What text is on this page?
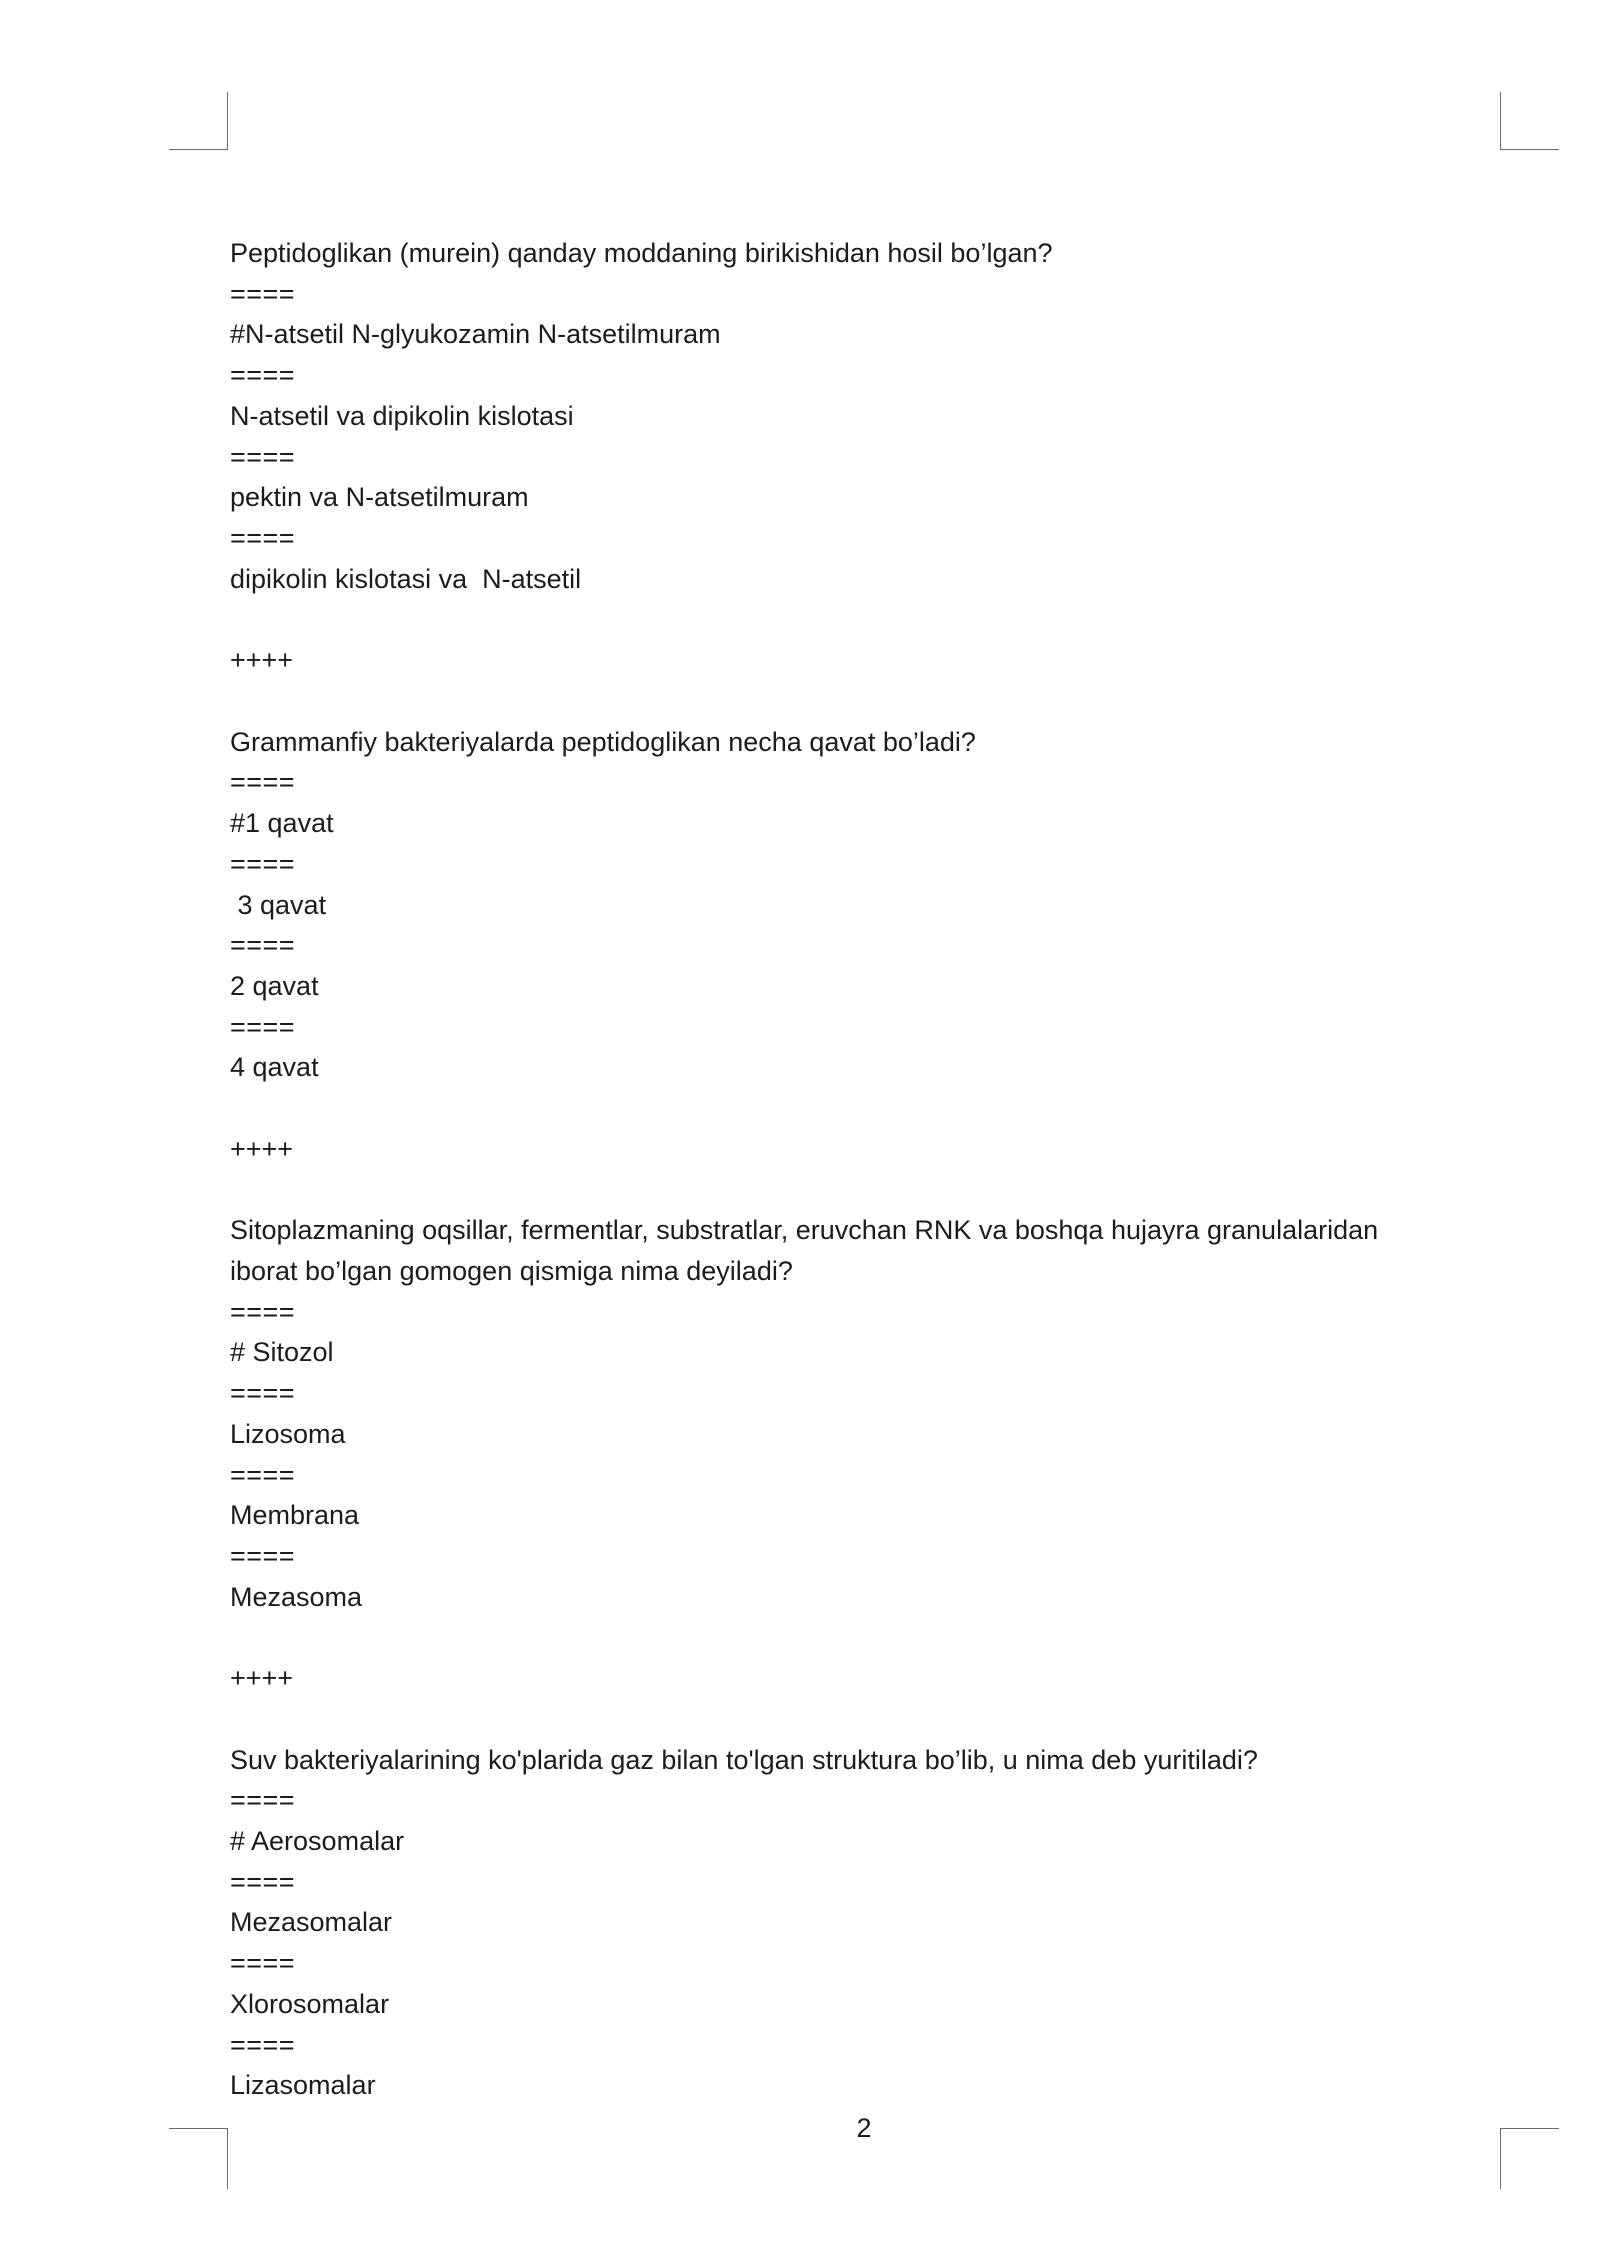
Peptidoglikan (murein) qanday moddaning birikishidan hosil bo’lgan?
====
#N-atsetil N-glyukozamin N-atsetilmuram
====
N-atsetil va dipikolin kislotasi
====
pektin va N-atsetilmuram
====
dipikolin kislotasi va  N-atsetil
++++
Grammanfiy bakteriyalarda peptidoglikan necha qavat bo’ladi?
====
#1 qavat
====
3 qavat
====
2 qavat
====
4 qavat
++++
Sitoplazmaning oqsillar, fermentlar, substratlar, eruvchan RNK va boshqa hujayra granulalaridan
iborat bo’lgan gomogen qismiga nima deyiladi?
====
# Sitozol
====
Lizosoma
====
Membrana
====
Mezasoma
++++
Suv bakteriyalarining ko'plarida gaz bilan to'lgan struktura bo’lib, u nima deb yuritiladi?
====
# Aerosomalar
====
Mezasomalar
====
Xlorosomalar
====
Lizasomalar
2
